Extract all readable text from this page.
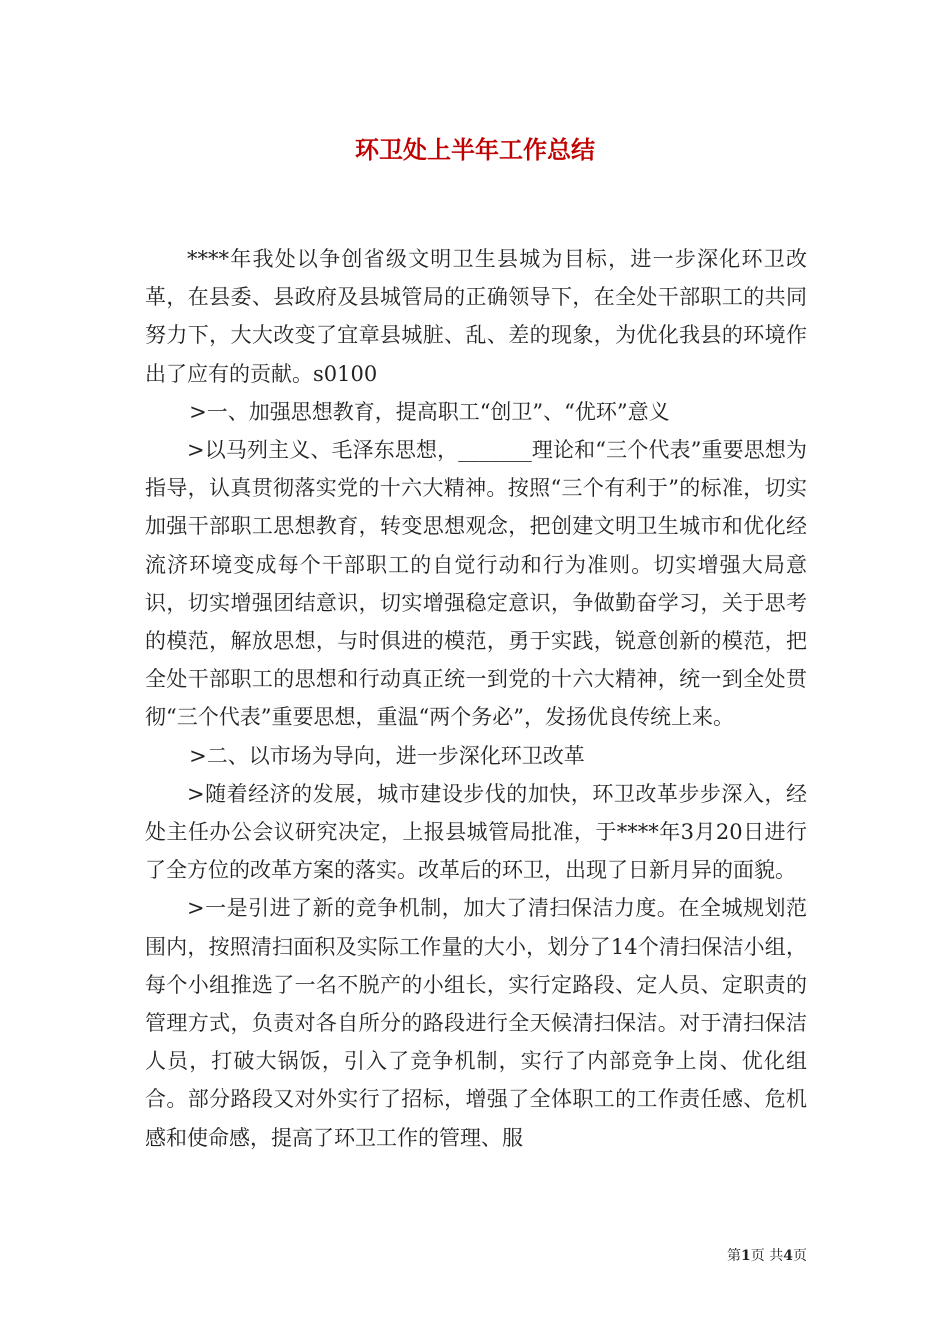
环卫处上半年工作总结

****年我处以争创省级文明卫生县城为目标，进一步深化环卫改革，在县委、县政府及县城管局的正确领导下，在全处干部职工的共同努力下，大大改变了宜章县城脏、乱、差的现象，为优化我县的环境作出了应有的贡献。s0100

>一、加强思想教育，提高职工“创卫”、“优环”意义

>以马列主义、毛泽东思想，_______理论和“三个代表”重要思想为指导，认真贯彻落实党的十六大精神。按照“三个有利于”的标准，切实加强干部职工思想教育，转变思想观念，把创建文明卫生城市和优化经流济环境变成每个干部职工的自觉行动和行为准则。切实增强大局意识，切实增强团结意识，切实增强稳定意识，争做勤奋学习，关于思考的模范，解放思想，与时俱进的模范，勇于实践，锐意创新的模范，把全处干部职工的思想和行动真正统一到党的十六大精神，统一到全处贯彻“三个代表”重要思想，重温“两个务必”，发扬优良传统上来。

>二、以市场为导向，进一步深化环卫改革

>随着经济的发展，城市建设步伐的加快，环卫改革步步深入，经处主任办公会议研究决定，上报县城管局批准，于****年3月20日进行了全方位的改革方案的落实。改革后的环卫，出现了日新月异的面貌。

>一是引进了新的竞争机制，加大了清扫保洁力度。在全城规划范围内，按照清扫面积及实际工作量的大小，划分了14个清扫保洁小组，每个小组推选了一名不脱产的小组长，实行定路段、定人员、定职责的管理方式，负责对各自所分的路段进行全天候清扫保洁。对于清扫保洁人员，打破大锅饭，引入了竞争机制，实行了内部竞争上岗、优化组合。部分路段又对外实行了招标，增强了全体职工的工作责任感、危机感和使命感，提高了环卫工作的管理、服

第1页 共4页
